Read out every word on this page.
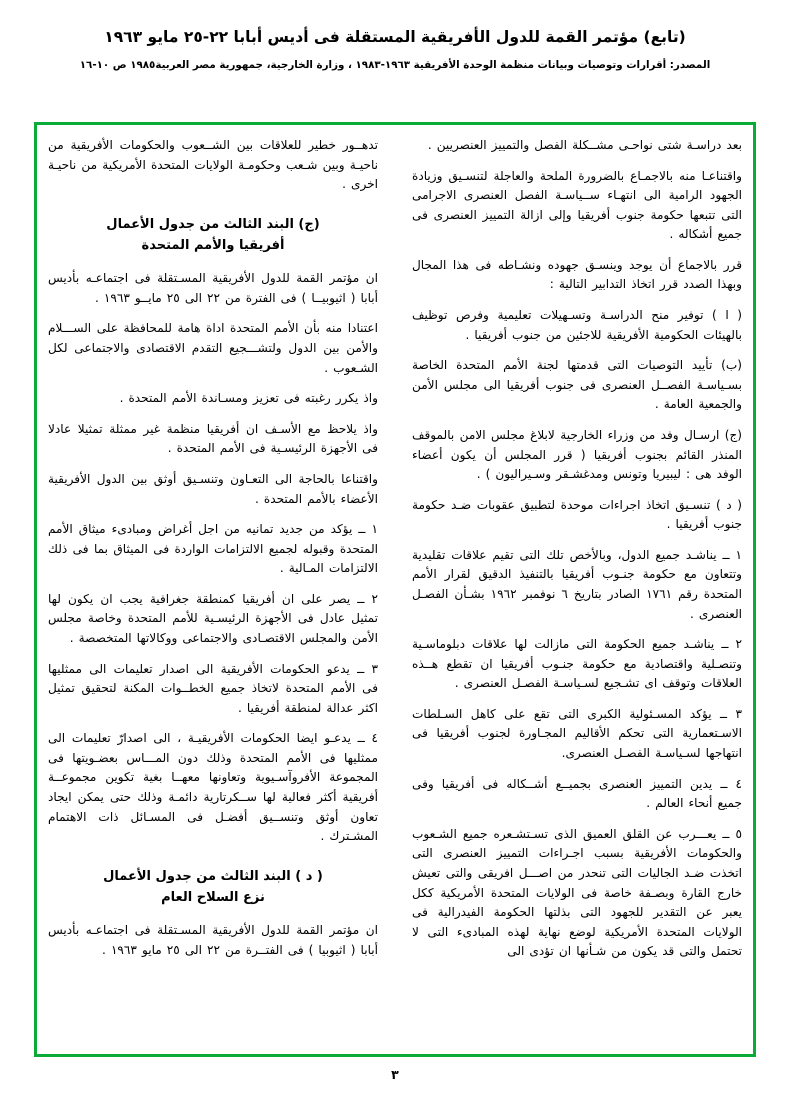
(تابع) مؤتمر القمة للدول الأفريقية المستقلة فى أديس أبابا ٢٢-٢٥ مايو ١٩٦٣
المصدر: أقرارات وتوصيات وبيانات منظمة الوحدة الأفريقية ١٩٦٣-١٩٨٣ ، وزارة الخارجية، جمهورية مصر العربية١٩٨٥ ص ١٠-١٦

بعد دراسـة شتى نواحـى مشــكلة الفصل والتمييز العنصريين .

واقتناعـا منه بالاجمـاع بالضرورة الملحة والعاجلة لتنسـيق وزيادة الجهود الرامية الى انتهـاء ســياسـة الفصل العنصرى الاجرامى التى تتبعها حكومة جنوب أفريقيا وإلى ازالة التمييز العنصرى فى جميع أشكاله .

قرر بالاجماع أن يوجد وينسـق جهوده ونشـاطه فى هذا المجال وبهذا الصدد قرر اتخاذ التدابير التالية :

( ا ) توفير منح الدراسـة وتسـهيلات تعليمية وفرص توظيف بالهيئات الحكومية الأفريقية للاجئين من جنوب أفريقيا .

(ب) تأييد التوصيات التى قدمتها لجنة الأمم المتحدة الخاصة بسـياسـة الفصــل العنصرى فى جنوب أفريقيا الى مجلس الأمن والجمعية العامة .

(ج) ارسـال وفد من وزراء الخارجية لابلاغ مجلس الامن بالموقف المنذر القائم بجنوب أفريقيا ( قرر المجلس أن يكون أعضاء الوفد هى : ليبيريا وتونس ومدغشـقر وسـيراليون ) .

( د ) تنسـيق اتخاذ اجراءات موحدة لتطبيق عقوبات ضـد حكومة جنوب أفريقيا .

١ ــ يناشـد جميع الدول، وبالأخص تلك التى تقيم علاقات تقليدية وتتعاون مع حكومة جنـوب أفريقيا بالتنفيذ الدقيق لقرار الأمم المتحدة رقم ١٧٦١ الصادر بتاريخ ٦ نوفمبر ١٩٦٢ بشـأن الفصـل العنصرى .

٢ ــ يناشـد جميع الحكومة التى مازالت لها علاقات دبلوماسـية وتنصـلية واقتصادية مع حكومة جنـوب أفريقيا ان تقطع هــذه العلاقات وتوقف اى تشـجيع لسـياسـة الفصـل العنصرى .

٣ ــ يؤكد المسـئولية الكبرى التى تقع على كاهل السـلطات الاسـتعمارية التى تحكم الأقاليم المجـاورة لجنوب أفريقيا فى انتهاجها لسـياسـة الفصـل العنصرى.

٤ ــ يدين التمييز العنصرى بجميــع أشــكاله فى أفريقيا وفى جميع أنحاء العالم .

٥ ــ يعـــرب عن القلق العميق الذى تسـتشـعره جميع الشـعوب والحكومات الأفريقية بسبب اجـراءات التمييز العنصرى التى اتخذت ضـد الجاليات التى تنحدر من اصـــل افريقى والتى تعيش خارج القارة وبصـفة خاصة فى الولايات المتحدة الأمريكية ككل يعبر عن التقدير للجهود التى بذلتها الحكومة الفيدرالية فى الولايات المتحدة الأمريكية لوضع نهاية لهذه المبادىء التى لا تحتمل والتى قد يكون من شـأنها ان تؤدى الى

تدهــور خطير للعلاقات بين الشــعوب والحكومات الأفريقية من ناحيـة وبين شـعب وحكومـة الولايات المتحدة الأمريكية من ناحيـة اخرى .

(ج) البند الثالث من جدول الأعمال
أفريقيا والأمم المتحدة

ان مؤتمر القمة للدول الأفريقية المسـتقلة فى اجتماعـه بأديس أبابا ( اثيوبيــا ) فى الفترة من ٢٢ الى ٢٥ مايــو ١٩٦٣ .

اعتنادا منه بأن الأمم المتحدة اداة هامة للمحافظة على الســـلام والأمن بين الدول ولتشـــجيع التقدم الاقتصادى والاجتماعى لكل الشـعوب .

واذ يكرر رغبته فى تعزيز ومسـاندة الأمم المتحدة .

واذ يلاحظ مع الأسـف ان أفريقيا منظمة غير ممثلة تمثيلا عادلا فى الأجهزة الرئيسـية فى الأمم المتحدة .

واقتناعا بالحاجة الى التعـاون وتنسـيق أوثق بين الدول الأفريقية الأعضاء بالأمم المتحدة .

١ ــ يؤكد من جديد تمانيه من اجل أغراض ومبادىء ميثاق الأمم المتحدة وقبوله لجميع الالتزامات الواردة فى الميثاق بما فى ذلك الالتزامات المـالية .

٢ ــ يصر على ان أفريقيا كمنطقة جغرافية يجب ان يكون لها تمثيل عادل فى الأجهزة الرئيسـية للأمم المتحدة وخاصة مجلس الأمن والمجلس الاقتصـادى والاجتماعى ووكالاتها المتخصصة .

٣ ــ يدعو الحكومات الأفريقية الى اصدار تعليمات الى ممثليها فى الأمم المتحدة لاتخاذ جميع الخطــوات المكنة لتحقيق تمثيل اكثر عدالة لمنطقة أفريقيا .

٤ ــ يدعـو ايضا الحكومات الأفريقيـة ، الى اصدارّ تعليمات الى ممثليها فى الأمم المتحدة وذلك دون المـــاس بعضـويتها فى المجموعة الأفروآسـيوية وتعاونها معهــا بغية تكوين مجموعــة أفريقية أكثر فعالية لها ســكرتارية دائمـة وذلك حتى يمكن ايجاد تعاون أوثق وتنســيق أفضـل فى المسـائل ذات الاهتمام المشـترك .

( د ) البند الثالث من جدول الأعمال
نزع السلاح العام

ان مؤتمر القمة للدول الأفريقية المسـتقلة فى اجتماعـه بأديس أبابا ( اثيوبيا ) فى الفتــرة من ٢٢ الى ٢٥ مايو ١٩٦٣ .

٣
